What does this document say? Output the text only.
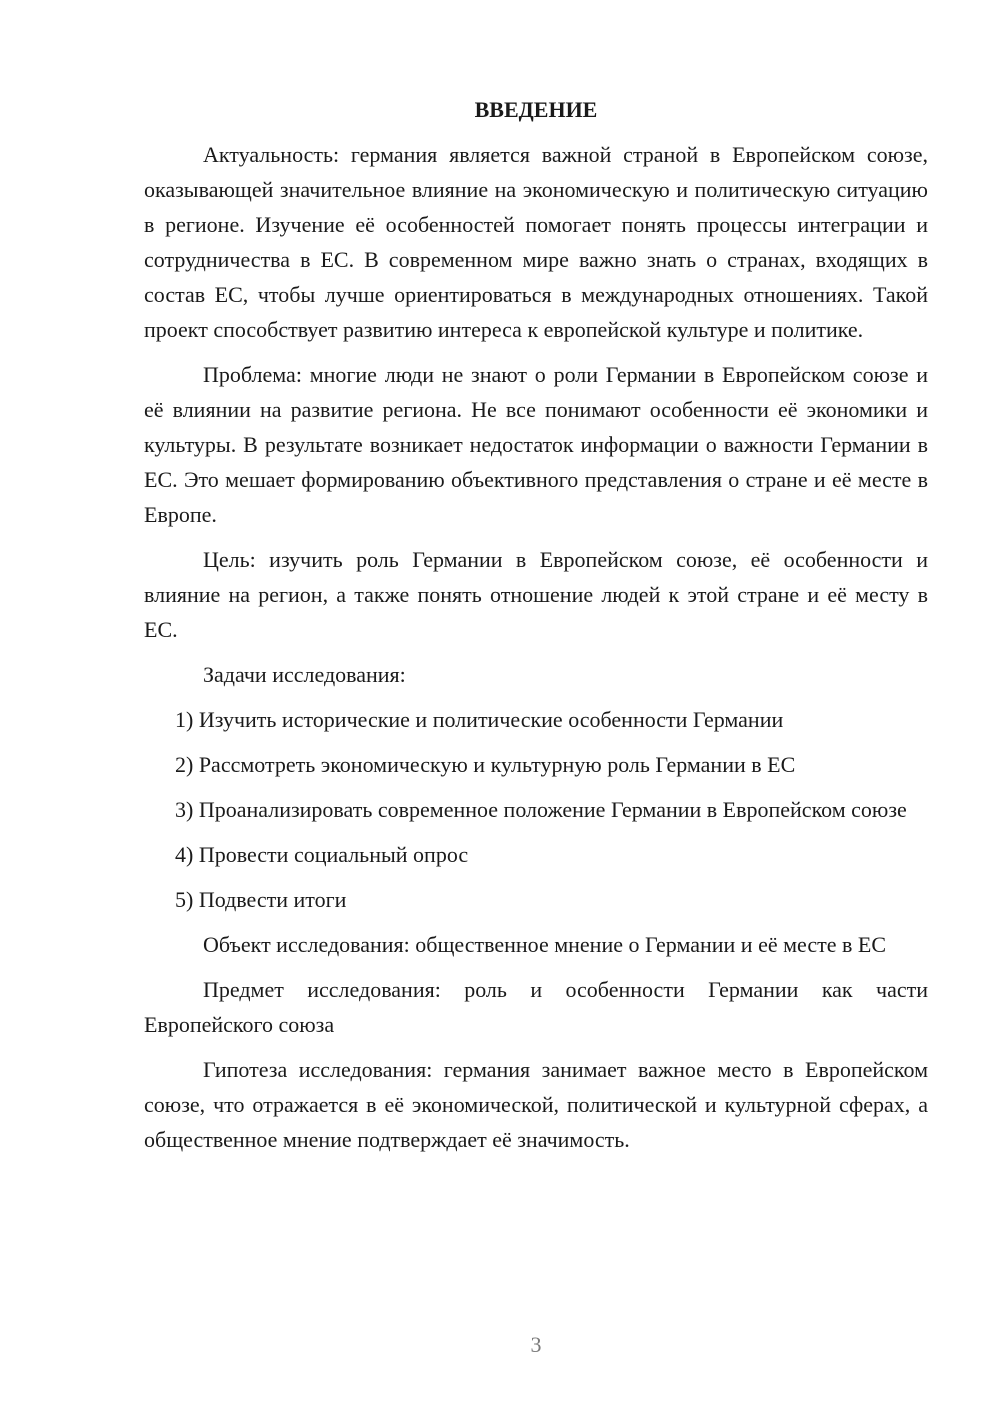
ВВЕДЕНИЕ

Актуальность: германия является важной страной в Европейском союзе, оказывающей значительное влияние на экономическую и политическую ситуацию в регионе. Изучение её особенностей помогает понять процессы интеграции и сотрудничества в ЕС. В современном мире важно знать о странах, входящих в состав ЕС, чтобы лучше ориентироваться в международных отношениях. Такой проект способствует развитию интереса к европейской культуре и политике.

Проблема: многие люди не знают о роли Германии в Европейском союзе и её влиянии на развитие региона. Не все понимают особенности её экономики и культуры. В результате возникает недостаток информации о важности Германии в ЕС. Это мешает формированию объективного представления о стране и её месте в Европе.

Цель: изучить роль Германии в Европейском союзе, её особенности и влияние на регион, а также понять отношение людей к этой стране и её месту в ЕС.

Задачи исследования:

1) Изучить исторические и политические особенности Германии

2) Рассмотреть экономическую и культурную роль Германии в ЕС

3) Проанализировать современное положение Германии в Европейском союзе

4) Провести социальный опрос

5) Подвести итоги

Объект исследования: общественное мнение о Германии и её месте в ЕС

Предмет исследования: роль и особенности Германии как части Европейского союза

Гипотеза исследования: германия занимает важное место в Европейском союзе, что отражается в её экономической, политической и культурной сферах, а общественное мнение подтверждает её значимость.

3
